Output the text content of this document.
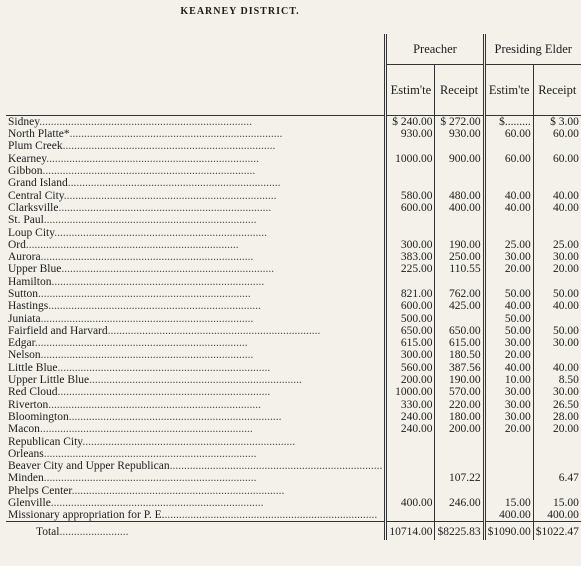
KEARNEY DISTRICT.
	Preacher		Presiding Elder	
	Estim'te	Receipt	Estim'te	Receipt
Sidney..........................................................................	$ 240.00	$ 272.00	$.........	$ 3.00
North Platte*..........................................................................	930.00	930.00	60.00	60.00
Plum Creek..........................................................................				
Kearney..........................................................................	1000.00	900.00	60.00	60.00
Gibbon..........................................................................				
Grand Island..........................................................................				
Central City..........................................................................	580.00	480.00	40.00	40.00
Clarksville..........................................................................	600.00	400.00	40.00	40.00
St. Paul..........................................................................				
Loup City..........................................................................				
Ord..........................................................................	300.00	190.00	25.00	25.00
Aurora..........................................................................	383.00	250.00	30.00	30.00
Upper Blue..........................................................................	225.00	110.55	20.00	20.00
Hamilton..........................................................................				
Sutton..........................................................................	821.00	762.00	50.00	50.00
Hastings..........................................................................	600.00	425.00	40.00	40.00
Juniata..........................................................................	500.00		50.00	
Fairfield and Harvard..........................................................................	650.00	650.00	50.00	50.00
Edgar..........................................................................	615.00	615.00	30.00	30.00
Nelson..........................................................................	300.00	180.50	20.00	
Little Blue..........................................................................	560.00	387.56	40.00	40.00
Upper Little Blue..........................................................................	200.00	190.00	10.00	8.50
Red Cloud..........................................................................	1000.00	570.00	30.00	30.00
Riverton..........................................................................	330.00	220.00	30.00	26.50
Bloomington..........................................................................	240.00	180.00	30.00	28.00
Macon..........................................................................	240.00	200.00	20.00	20.00
Republican City..........................................................................				
Orleans..........................................................................				
Beaver City and Upper Republican..........................................................................				
Minden..........................................................................		107.22		6.47
Phelps Center..........................................................................				
Glenville..........................................................................	400.00	246.00	15.00	15.00
Missionary appropriation for P. E...........................................................................			400.00	400.00
Total........................	10714.00	$8225.83	$1090.00	$1022.47
